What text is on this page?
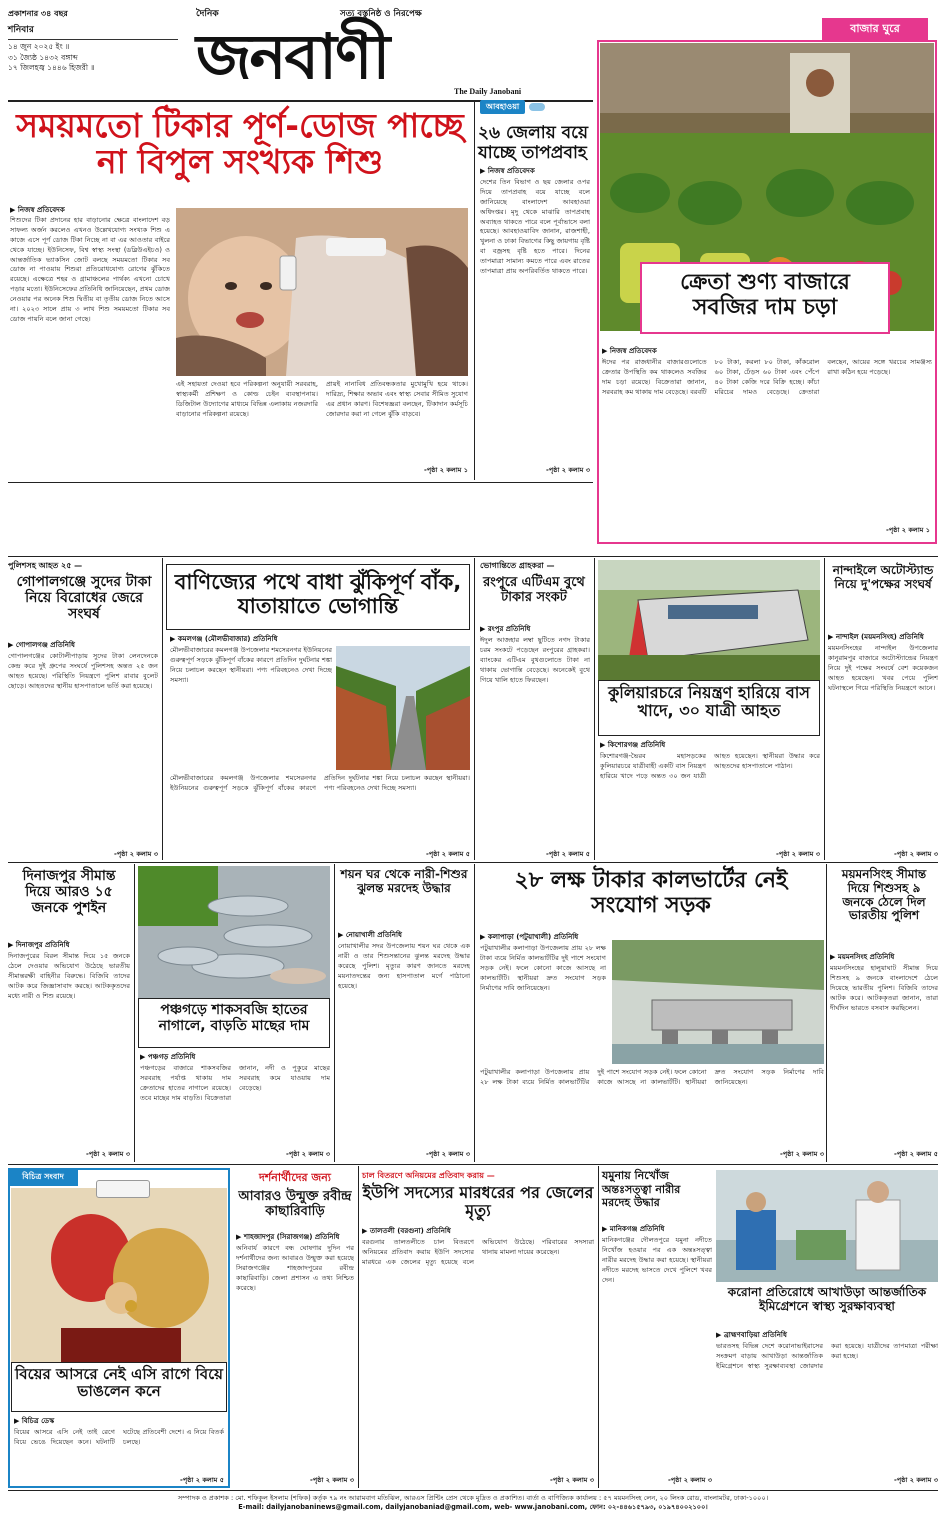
প্রকাশনার ৩৪ বছর
শনিবার
১৪ জুন ২০২৫ ইং ॥
৩১ জ্যৈষ্ঠ ১৪৩২ বঙ্গাব্দ
১৭ জিলহজ্ব ১৪৪৬ হিজরী ॥
দৈনিক	সত্য বস্তুনিষ্ঠ ও নিরপেক্ষ
জনবাণী	The Daily Janobani
সময়মতো টিকার পূর্ণ-ডোজ পাচ্ছে না বিপুল সংখ্যক শিশু
▶ নিজস্ব প্রতিবেদক
শিশুদের টিকা প্রদানের হার বাড়ানোর ক্ষেত্রে বাংলাদেশ বড় সাফল্য অর্জন করলেও এখনও উল্লেখযোগ্য সংখ্যক শিশু এ কাজে এসে পূর্ণ ডোজ টিকা নিচ্ছে না বা এর আওতার বাইরে থেকে যাচ্ছে। ইউনিসেফ, বিশ্ব স্বাস্থ্য সংস্থা (ডব্লিউএইচও) ও আন্তর্জাতিক ভ্যাকসিন জোট বলছে সময়মতো টিকার সব ডোজ না পাওয়ায় শিশুরা প্রতিরোধযোগ্য রোগের ঝুঁকিতে রয়েছে। এক্ষেত্রে শহর ও গ্রামাঞ্চলের পার্থক্য এখনো চোখে পড়ার মতো। ইউনিসেফের প্রতিনিধি জানিয়েছেন, প্রথম ডোজ নেওয়ার পর অনেক শিশু দ্বিতীয় বা তৃতীয় ডোজ নিতে আসে না। ২০২৩ সালে প্রায় ৩ লাখ শিশু সময়মতো টিকার সব ডোজ পায়নি বলে জানা গেছে।
এই সহায়তা দেওয়া হবে পরিকল্পনা অনুযায়ী সরবরাহ, স্বাস্থ্যকর্মী প্রশিক্ষণ ও কোল্ড চেইন ব্যবস্থাপনায়। ডিজিটাল উদ্যোগের মাধ্যমে বিভিন্ন এলাকায় নজরদারি বাড়ানোর পরিকল্পনা রয়েছে।
প্রায়ই নানাবিধ প্রতিবন্ধকতার মুখোমুখি হয়ে থাকে। দারিদ্র্য, শিক্ষার অভাব এবং স্বাস্থ্য সেবার সীমিত সুযোগ এর প্রধান কারণ। বিশেষজ্ঞরা বলছেন, টিকাদান কর্মসূচি জোরদার করা না গেলে ঝুঁকি বাড়বে।
-পৃষ্ঠা ২ কলাম ১
আবহাওয়া
২৬ জেলায় বয়ে যাচ্ছে তাপপ্রবাহ
▶ নিজস্ব প্রতিবেদক
দেশের তিন বিভাগ ও ছয় জেলার ওপর দিয়ে তাপপ্রবাহ বয়ে যাচ্ছে বলে জানিয়েছে বাংলাদেশ আবহাওয়া অধিদপ্তর। মৃদু থেকে মাঝারি তাপপ্রবাহ অব্যাহত থাকতে পারে বলে পূর্বাভাসে বলা হয়েছে। আবহাওয়াবিদ জানান, রাজশাহী, খুলনা ও ঢাকা বিভাগের কিছু জায়গায় বৃষ্টি বা বজ্রসহ বৃষ্টি হতে পারে। দিনের তাপমাত্রা সামান্য কমতে পারে এবং রাতের তাপমাত্রা প্রায় অপরিবর্তিত থাকতে পারে।
-পৃষ্ঠা ২ কলাম ৩
বাজার ঘুরে
ক্রেতা শুণ্য বাজারে সবজির দাম চড়া
▶ নিজস্ব প্রতিবেদক
ঈদের পর রাজধানীর বাজারগুলোতে ক্রেতার উপস্থিতি কম থাকলেও সবজির দাম চড়া রয়েছে। বিক্রেতারা জানান, সরবরাহ কম থাকায় দাম বেড়েছে। বরবটি ৮০ টাকা, করলা ৮০ টাকা, কাঁকরোল ৬০ টাকা, ঢেঁড়স ৬০ টাকা এবং পেঁপে ৪০ টাকা কেজি দরে বিক্রি হচ্ছে। কাঁচা মরিচের দামও বেড়েছে। ক্রেতারা বলছেন, আয়ের সঙ্গে খরচের সামঞ্জস্য রাখা কঠিন হয়ে পড়েছে।
-পৃষ্ঠা ২ কলাম ১
পুলিশসহ আহত ২৫ —
গোপালগঞ্জে সুদের টাকা নিয়ে বিরোধের জেরে সংঘর্ষ
▶ গোপালগঞ্জ প্রতিনিধি
গোপালগঞ্জের কোটালীপাড়ায় সুদের টাকা লেনদেনকে কেন্দ্র করে দুই গ্রুপের সংঘর্ষে পুলিশসহ অন্তত ২৫ জন আহত হয়েছে। পরিস্থিতি নিয়ন্ত্রণে পুলিশ রাবার বুলেট ছোড়ে। আহতদের স্থানীয় হাসপাতালে ভর্তি করা হয়েছে।
-পৃষ্ঠা ২ কলাম ৩
বাণিজ্যের পথে বাধা ঝুঁকিপূর্ণ বাঁক, যাতায়াতে ভোগান্তি
▶ কমলগঞ্জ (মৌলভীবাজার) প্রতিনিধি
মৌলভীবাজারের কমলগঞ্জ উপজেলার শমসেরনগর ইউনিয়নের গুরুত্বপূর্ণ সড়কে ঝুঁকিপূর্ণ বাঁকের কারণে প্রতিদিন দুর্ঘটনার শঙ্কা নিয়ে চলাচল করছেন স্থানীয়রা। পণ্য পরিবহনেও দেখা দিচ্ছে সমস্যা।
মৌলভীবাজারের কমলগঞ্জ উপজেলার শমসেরনগর ইউনিয়নের গুরুত্বপূর্ণ সড়কে ঝুঁকিপূর্ণ বাঁকের কারণে প্রতিদিন দুর্ঘটনার শঙ্কা নিয়ে চলাচল করছেন স্থানীয়রা। পণ্য পরিবহনেও দেখা দিচ্ছে সমস্যা।
-পৃষ্ঠা ২ কলাম ৫
ভোগান্তিতে গ্রাহকরা —
রংপুরে এটিএম বুথে টাকার সংকট
▶ রংপুর প্রতিনিধি
ঈদুল আজহার লম্বা ছুটিতে নগদ টাকার চরম সংকটে পড়েছেন রংপুরের গ্রাহকরা। ব্যাংকের এটিএম বুথগুলোতে টাকা না থাকায় ভোগান্তি বেড়েছে। অনেকেই বুথে গিয়ে খালি হাতে ফিরছেন।
-পৃষ্ঠা ২ কলাম ৫
কুলিয়ারচরে নিয়ন্ত্রণ হারিয়ে বাস খাদে, ৩০ যাত্রী আহত
▶ কিশোরগঞ্জ প্রতিনিধি
কিশোরগঞ্জ-ভৈরব মহাসড়কের কুলিয়ারচরে যাত্রীবাহী একটি বাস নিয়ন্ত্রণ হারিয়ে খাদে পড়ে অন্তত ৩০ জন যাত্রী আহত হয়েছেন। স্থানীয়রা উদ্ধার করে আহতদের হাসপাতালে পাঠান।
-পৃষ্ঠা ২ কলাম ৩
নান্দাইলে অটোস্ট্যান্ড নিয়ে দু'পক্ষের সংঘর্ষ
▶ নান্দাইল (ময়মনসিংহ) প্রতিনিধি
ময়মনসিংহের নান্দাইল উপজেলার কানুরামপুর বাজারে অটোস্ট্যান্ডের নিয়ন্ত্রণ নিয়ে দুই পক্ষের সংঘর্ষে বেশ কয়েকজন আহত হয়েছেন। খবর পেয়ে পুলিশ ঘটনাস্থলে গিয়ে পরিস্থিতি নিয়ন্ত্রণে আনে।
-পৃষ্ঠা ২ কলাম ৩
দিনাজপুর সীমান্ত দিয়ে আরও ১৫ জনকে পুশইন
▶ দিনাজপুর প্রতিনিধি
দিনাজপুরের বিরল সীমান্ত দিয়ে ১৫ জনকে ঠেলে দেওয়ার অভিযোগ উঠেছে ভারতীয় সীমান্তরক্ষী বাহিনীর বিরুদ্ধে। বিজিবি তাদের আটক করে জিজ্ঞাসাবাদ করছে। আটককৃতদের মধ্যে নারী ও শিশু রয়েছে।
-পৃষ্ঠা ২ কলাম ৩
পঞ্চগড়ে শাকসবজি হাতের নাগালে, বাড়তি মাছের দাম
▶ পঞ্চগড় প্রতিনিধি
পঞ্চগড়ের বাজারে শাকসবজির সরবরাহ পর্যাপ্ত থাকায় দাম ক্রেতাদের হাতের নাগালে রয়েছে। তবে মাছের দাম বাড়তি। বিক্রেতারা জানান, নদী ও পুকুরে মাছের সরবরাহ কমে যাওয়ায় দাম বেড়েছে।
-পৃষ্ঠা ২ কলাম ৩
শয়ন ঘর থেকে নারী-শিশুর ঝুলন্ত মরদেহ উদ্ধার
▶ নোয়াখালী প্রতিনিধি
নোয়াখালীর সদর উপজেলায় শয়ন ঘর থেকে এক নারী ও তার শিশুসন্তানের ঝুলন্ত মরদেহ উদ্ধার করেছে পুলিশ। মৃত্যুর কারণ জানতে মরদেহ ময়নাতদন্তের জন্য হাসপাতাল মর্গে পাঠানো হয়েছে।
-পৃষ্ঠা ২ কলাম ৩
২৮ লক্ষ টাকার কালভার্টের নেই সংযোগ সড়ক
▶ কলাপাড়া (পটুয়াখালী) প্রতিনিধি
পটুয়াখালীর কলাপাড়া উপজেলায় প্রায় ২৮ লক্ষ টাকা ব্যয়ে নির্মিত কালভার্টটির দুই পাশে সংযোগ সড়ক নেই। ফলে কোনো কাজে আসছে না কালভার্টটি। স্থানীয়রা দ্রুত সংযোগ সড়ক নির্মাণের দাবি জানিয়েছেন।
পটুয়াখালীর কলাপাড়া উপজেলায় প্রায় ২৮ লক্ষ টাকা ব্যয়ে নির্মিত কালভার্টটির দুই পাশে সংযোগ সড়ক নেই। ফলে কোনো কাজে আসছে না কালভার্টটি। স্থানীয়রা দ্রুত সংযোগ সড়ক নির্মাণের দাবি জানিয়েছেন।
-পৃষ্ঠা ২ কলাম ৩
ময়মনসিংহ সীমান্ত দিয়ে শিশুসহ ৯ জনকে ঠেলে দিল ভারতীয় পুলিশ
▶ ময়মনসিংহ প্রতিনিধি
ময়মনসিংহের হালুয়াঘাট সীমান্ত দিয়ে শিশুসহ ৯ জনকে বাংলাদেশে ঠেলে দিয়েছে ভারতীয় পুলিশ। বিজিবি তাদের আটক করে। আটককৃতরা জানান, তারা দীর্ঘদিন ভারতে বসবাস করছিলেন।
-পৃষ্ঠা ২ কলাম ৫
বিচিত্র সংবাদ
বিয়ের আসরে নেই এসি রাগে বিয়ে ভাঙলেন কনে
▶ বিচিত্র ডেস্ক
বিয়ের আসরে এসি নেই তাই রেগে বিয়ে ভেঙে দিয়েছেন কনে। ঘটনাটি ঘটেছে প্রতিবেশী দেশে। এ নিয়ে বিতর্ক চলছে।
-পৃষ্ঠা ২ কলাম ৫
দর্শনার্থীদের জন্য
আবারও উন্মুক্ত রবীন্দ্র কাছারিবাড়ি
▶ শাহজাদপুর (সিরাজগঞ্জ) প্রতিনিধি
অনিবার্য কারণে বন্ধ ঘোষণার দুদিন পর দর্শনার্থীদের জন্য আবারও উন্মুক্ত করা হয়েছে সিরাজগঞ্জের শাহজাদপুরের রবীন্দ্র কাছারিবাড়ি। জেলা প্রশাসন এ তথ্য নিশ্চিত করেছে।
-পৃষ্ঠা ২ কলাম ৩
চাল বিতরণে অনিয়মের প্রতিবাদ করায় —
ইউপি সদস্যের মারধরের পর জেলের মৃত্যু
▶ তালতলী (বরগুনা) প্রতিনিধি
বরগুনার তালতলীতে চাল বিতরণে অনিয়মের প্রতিবাদ করায় ইউপি সদস্যের মারধরে এক জেলের মৃত্যু হয়েছে বলে অভিযোগ উঠেছে। পরিবারের সদস্যরা থানায় মামলা দায়ের করেছেন।
-পৃষ্ঠা ২ কলাম ৩
যমুনায় নিখোঁজ
অন্তঃসত্ত্বা নারীর মরদেহ উদ্ধার
▶ মানিকগঞ্জ প্রতিনিধি
মানিকগঞ্জের দৌলতপুরে যমুনা নদীতে নিখোঁজ হওয়ার পর এক অন্তঃসত্ত্বা নারীর মরদেহ উদ্ধার করা হয়েছে। স্থানীয়রা নদীতে মরদেহ ভাসতে দেখে পুলিশে খবর দেন।
-পৃষ্ঠা ২ কলাম ৩
করোনা প্রতিরোধে আখাউড়া আন্তর্জাতিক ইমিগ্রেশনে স্বাস্থ্য সুরক্ষাব্যবস্থা
▶ ব্রাহ্মণবাড়িয়া প্রতিনিধি
ভারতসহ বিভিন্ন দেশে করোনাভাইরাসের সংক্রমণ বাড়ায় আখাউড়া আন্তর্জাতিক ইমিগ্রেশনে স্বাস্থ্য সুরক্ষাব্যবস্থা জোরদার করা হয়েছে। যাত্রীদের তাপমাত্রা পরীক্ষা করা হচ্ছে।
-পৃষ্ঠা ২ কলাম ৩
সম্পাদক ও প্রকাশক : মো. শফিকুল ইসলাম (শফিক) কর্তৃক ৭৯ নং আরামবাগ মতিঝিল, আরএস প্রিন্টিং প্রেস থেকে মুদ্রিত ও প্রকাশিত। বার্তা ও বাণিজ্যিক কার্যালয় : ৫৭ ময়মনসিংহ লেন, ২০ লিংক রোড, বাংলামটর, ঢাকা-১০০০।
E-mail: dailyjanobaninews@gmail.com, dailyjanobaniad@gmail.com, web- www.janobani.com, ফোন: ০২-৪৪৬১৫৭৯৩, ০১৯৭৪০০২১০০।
